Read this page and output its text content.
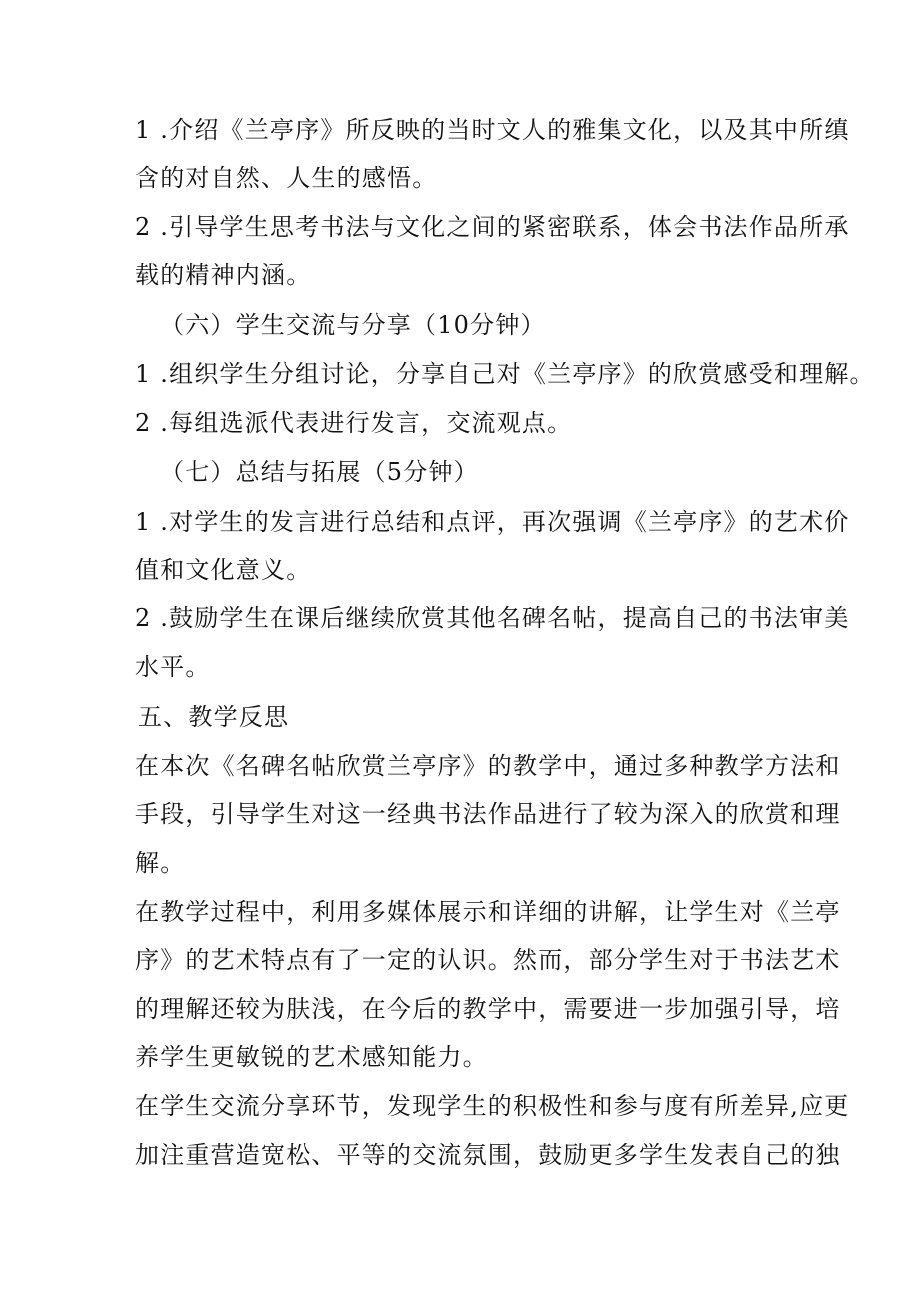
1 .介绍《兰亭序》所反映的当时文人的雅集文化，以及其中所缜
含的对自然、人生的感悟。
2 .引导学生思考书法与文化之间的紧密联系，体会书法作品所承
载的精神内涵。
（六）学生交流与分享（10分钟）
1 .组织学生分组讨论，分享自己对《兰亭序》的欣赏感受和理解。
2 .每组选派代表进行发言，交流观点。
（七）总结与拓展（5分钟）
1 .对学生的发言进行总结和点评，再次强调《兰亭序》的艺术价
值和文化意义。
2 .鼓励学生在课后继续欣赏其他名碑名帖，提高自己的书法审美
水平。
五、教学反思
在本次《名碑名帖欣赏兰亭序》的教学中，通过多种教学方法和
手段，引导学生对这一经典书法作品进行了较为深入的欣赏和理
解。
在教学过程中，利用多媒体展示和详细的讲解，让学生对《兰亭
序》的艺术特点有了一定的认识。然而，部分学生对于书法艺术
的理解还较为肤浅，在今后的教学中，需要进一步加强引导，培
养学生更敏锐的艺术感知能力。
在学生交流分享环节，发现学生的积极性和参与度有所差异,应更
加注重营造宽松、平等的交流氛围，鼓励更多学生发表自己的独
